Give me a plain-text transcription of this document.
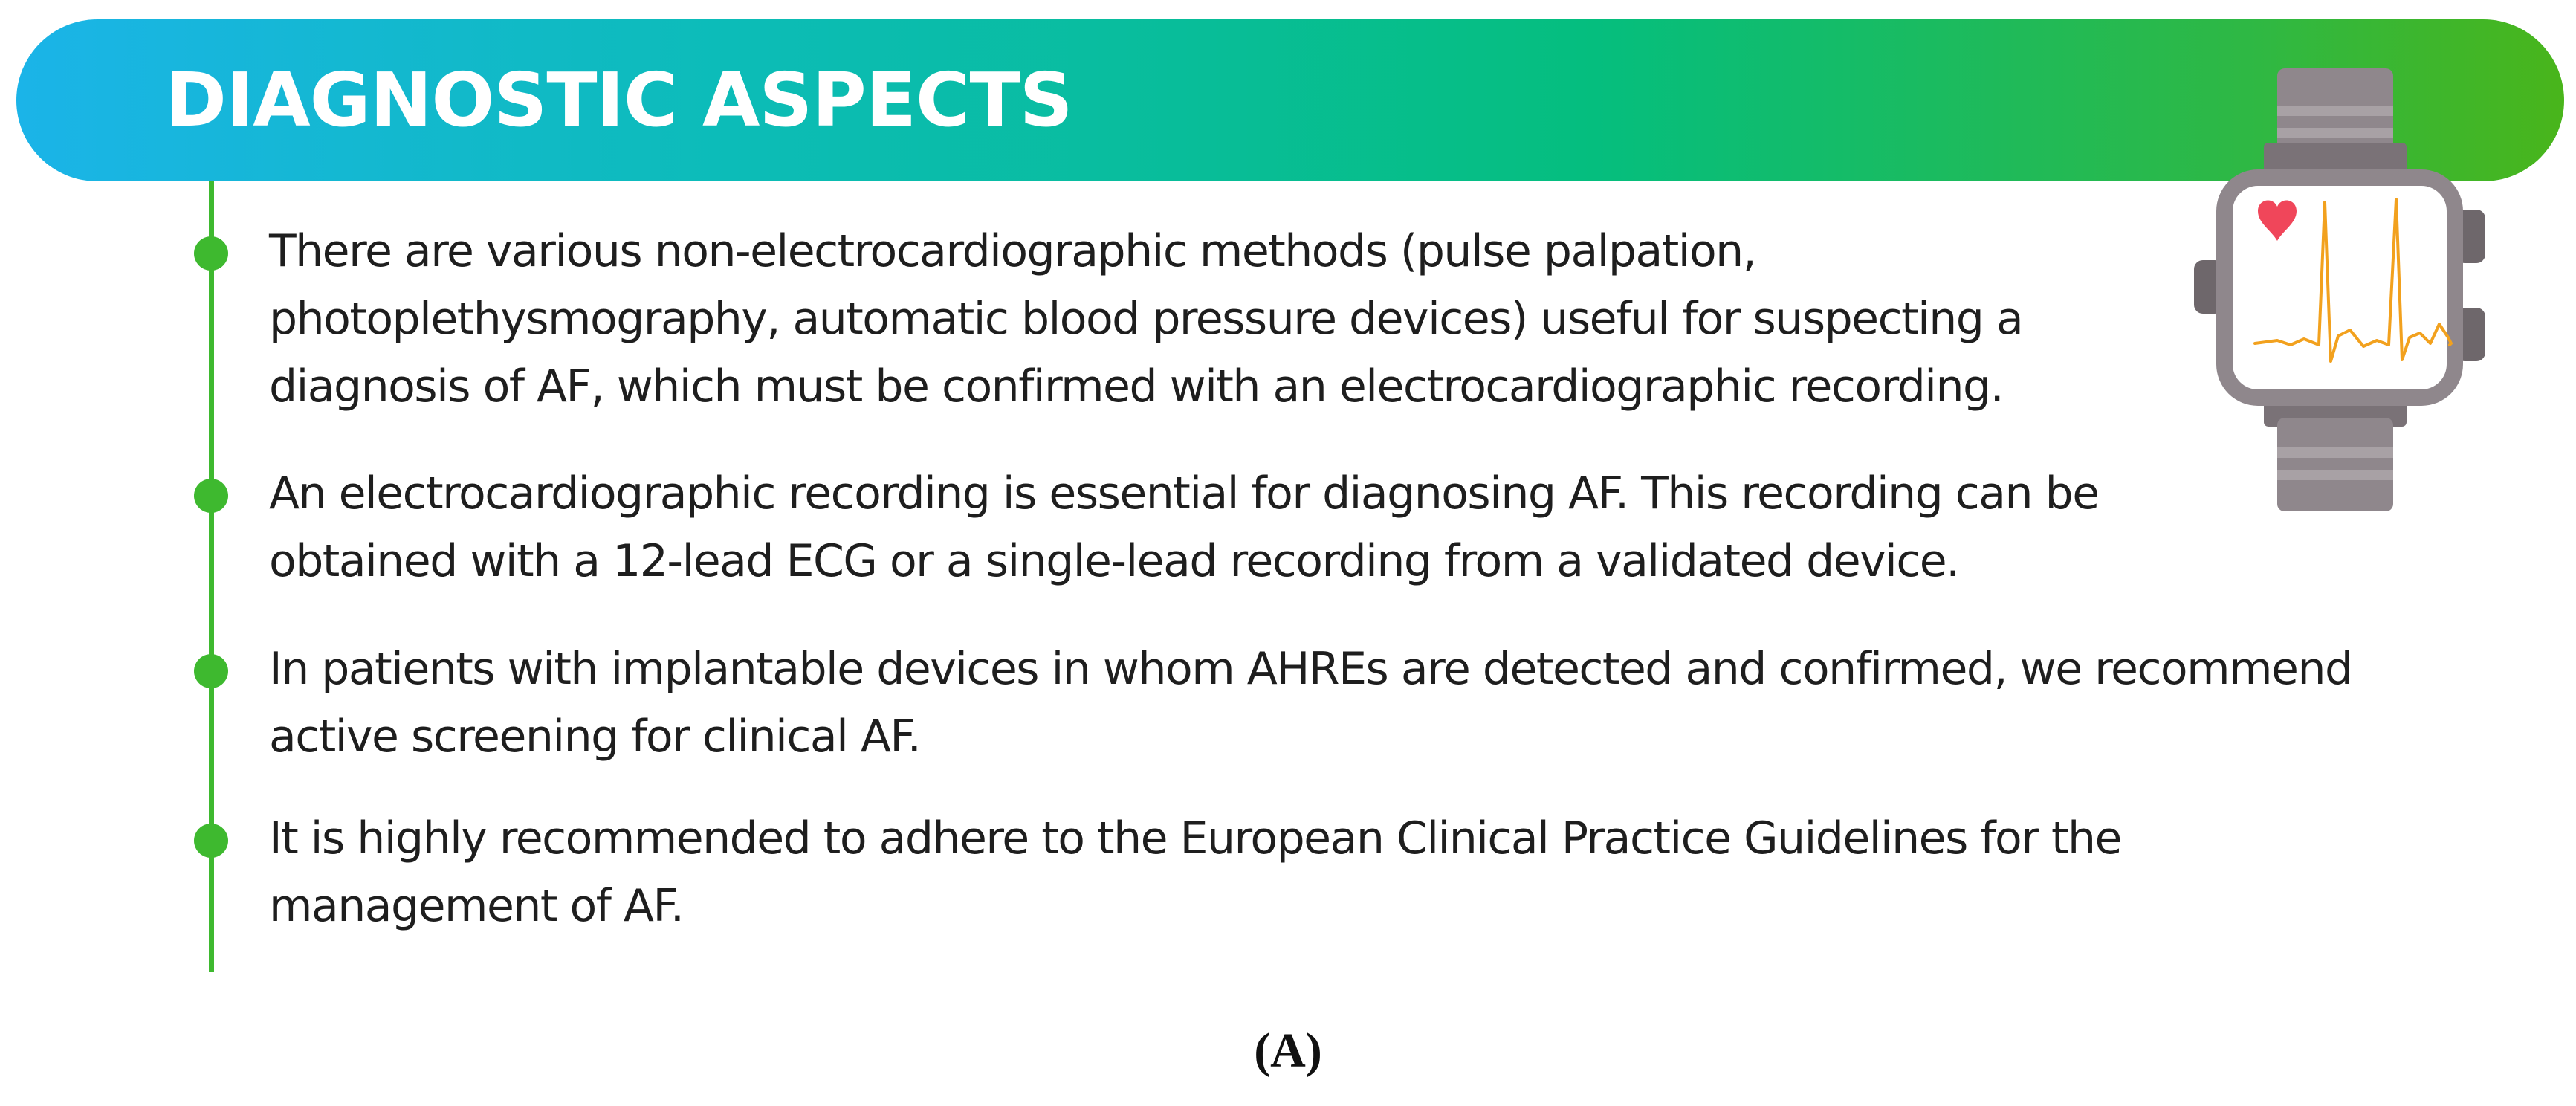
DIAGNOSTIC ASPECTS

There are various non-electrocardiographic methods (pulse palpation,
photoplethysmography, automatic blood pressure devices) useful for suspecting a
diagnosis of AF, which must be confirmed with an electrocardiographic recording.

An electrocardiographic recording is essential for diagnosing AF. This recording can be
obtained with a 12-lead ECG or a single-lead recording from a validated device.

In patients with implantable devices in whom AHREs are detected and confirmed, we recommend
active screening for clinical AF.

It is highly recommended to adhere to the European Clinical Practice Guidelines for the
management of AF.

(A)
